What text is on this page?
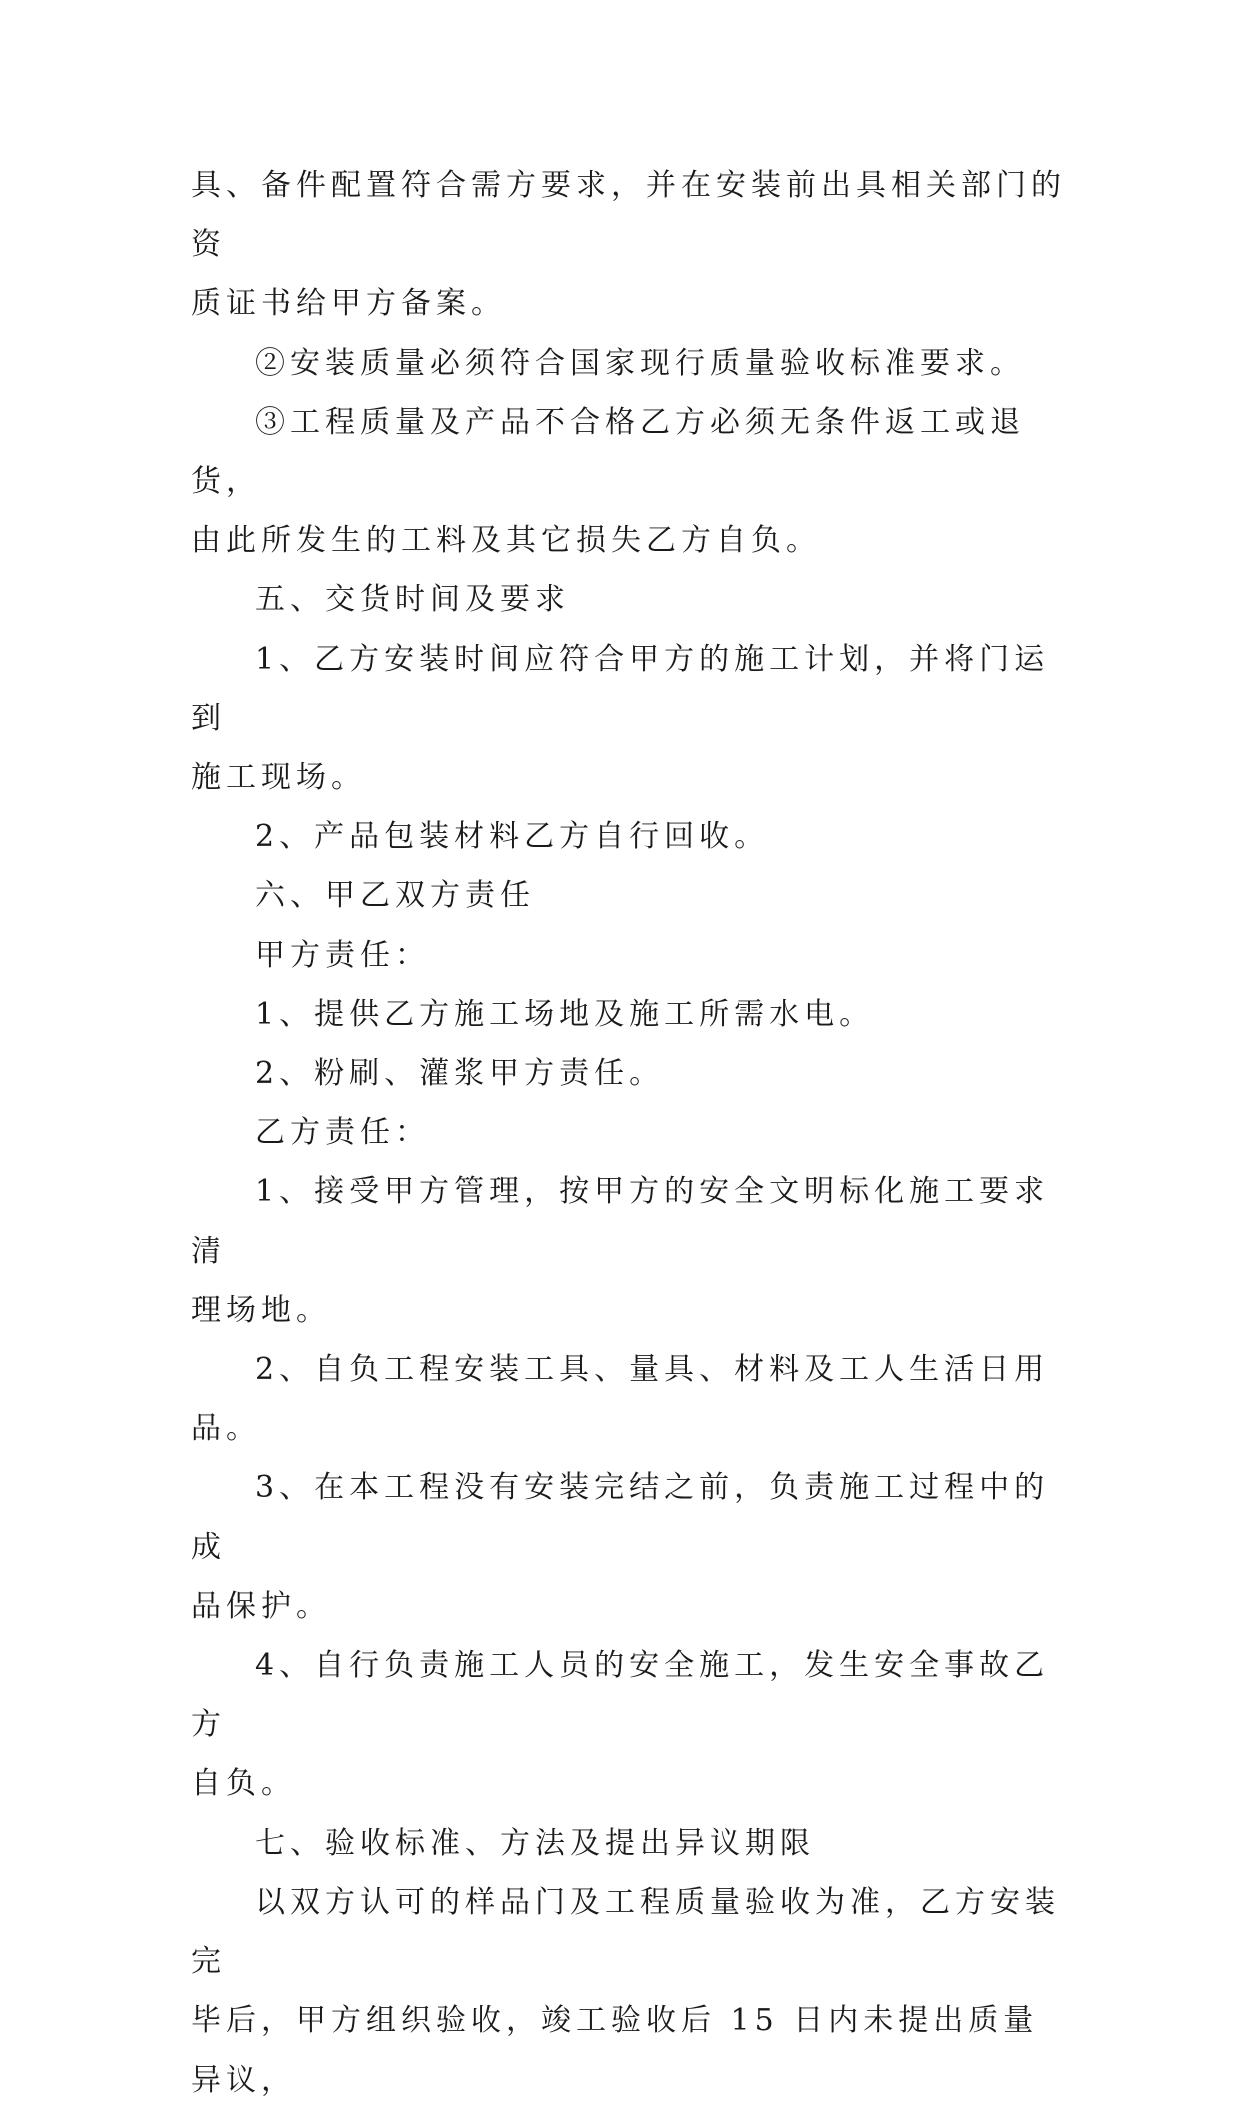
具、备件配置符合需方要求，并在安装前出具相关部门的资
质证书给甲方备案。

②安装质量必须符合国家现行质量验收标准要求。

③工程质量及产品不合格乙方必须无条件返工或退货，
由此所发生的工料及其它损失乙方自负。

五、交货时间及要求

1、乙方安装时间应符合甲方的施工计划，并将门运到
施工现场。

2、产品包装材料乙方自行回收。

六、甲乙双方责任

甲方责任：

1、提供乙方施工场地及施工所需水电。

2、粉刷、灌浆甲方责任。

乙方责任：

1、接受甲方管理，按甲方的安全文明标化施工要求清
理场地。

2、自负工程安装工具、量具、材料及工人生活日用品。

3、在本工程没有安装完结之前，负责施工过程中的成
品保护。

4、自行负责施工人员的安全施工，发生安全事故乙方
自负。

七、验收标准、方法及提出异议期限

以双方认可的样品门及工程质量验收为准，乙方安装完
毕后，甲方组织验收，竣工验收后 15 日内未提出质量异议，
